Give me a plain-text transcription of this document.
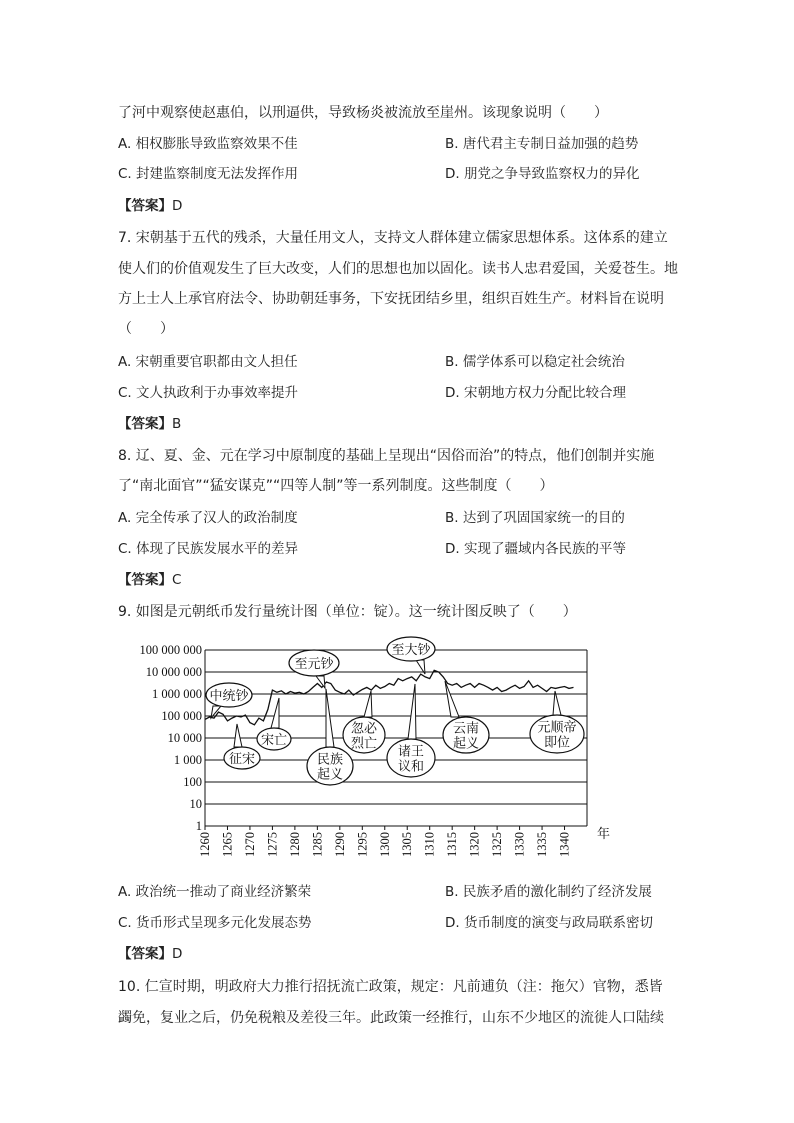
了河中观察使赵惠伯，以刑逼供，导致杨炎被流放至崖州。该现象说明（　　）
A. 相权膨胀导致监察效果不佳	B. 唐代君主专制日益加强的趋势
C. 封建监察制度无法发挥作用	D. 朋党之争导致监察权力的异化
【答案】D
7. 宋朝基于五代的残杀，大量任用文人，支持文人群体建立儒家思想体系。这体系的建立
使人们的价值观发生了巨大改变，人们的思想也加以固化。读书人忠君爱国，关爱苍生。地
方上士人上承官府法令、协助朝廷事务，下安抚团结乡里，组织百姓生产。材料旨在说明
（　　）
A. 宋朝重要官职都由文人担任	B. 儒学体系可以稳定社会统治
C. 文人执政利于办事效率提升	D. 宋朝地方权力分配比较合理
【答案】B
8. 辽、夏、金、元在学习中原制度的基础上呈现出“因俗而治”的特点，他们创制并实施
了“南北面官”“猛安谋克”“四等人制”等一系列制度。这些制度（　　）
A. 完全传承了汉人的政治制度	B. 达到了巩固国家统一的目的
C. 体现了民族发展水平的差异	D. 实现了疆域内各民族的平等
【答案】C
9. 如图是元朝纸币发行量统计图（单位：锭）。这一统计图反映了（　　）
1
10
100
1 000
10 000
100 000
1 000 000
10 000 000
100 000 000
1260 1265 1270 1275 1280 1285 1290 1295 1300 1305 1310 1315 1320 1325 1330 1335 1340
中统钞
征宋
宋亡
至元钞
民族
起义
忽必
烈亡
至大钞
诸王
议和
云南
起义
元顺帝
即位
年
A. 政治统一推动了商业经济繁荣	B. 民族矛盾的激化制约了经济发展
C. 货币形式呈现多元化发展态势	D. 货币制度的演变与政局联系密切
【答案】D
10. 仁宣时期，明政府大力推行招抚流亡政策，规定：凡前逋负（注：拖欠）官物，悉皆
蠲免，复业之后，仍免税粮及差役三年。此政策一经推行，山东不少地区的流徙人口陆续
